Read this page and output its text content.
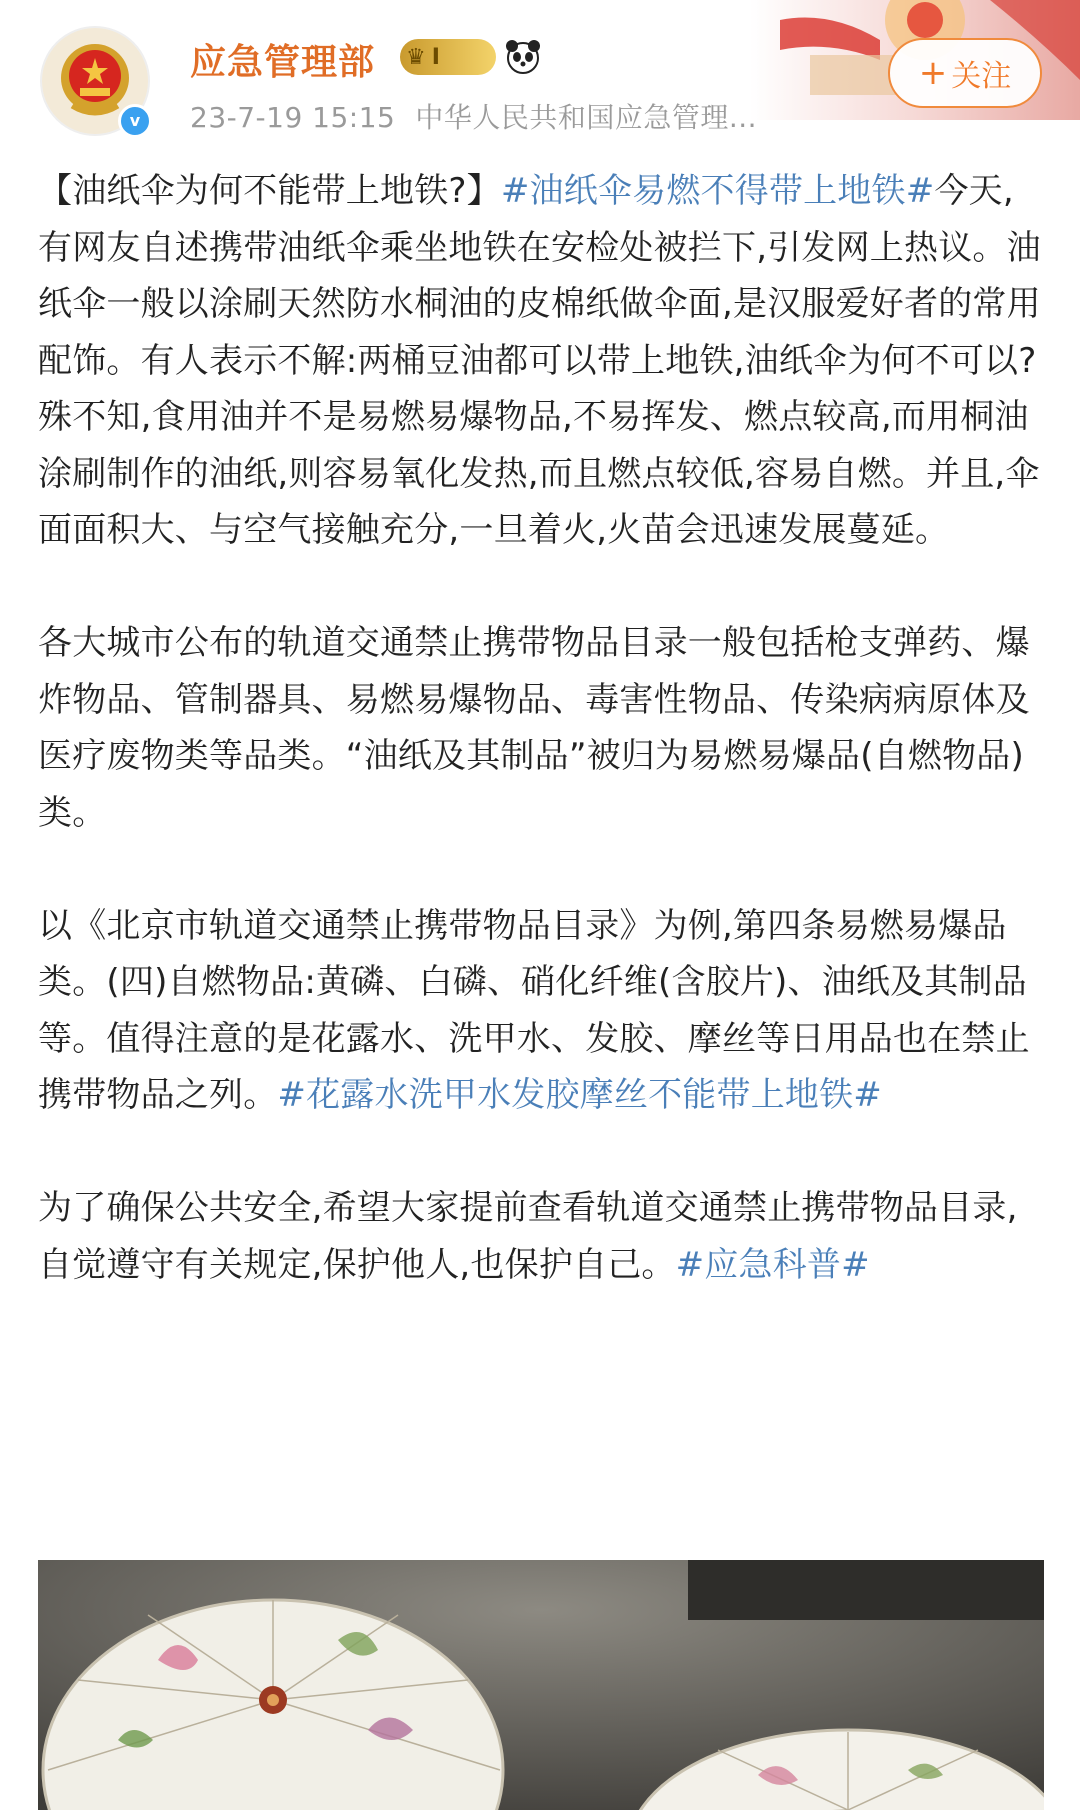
v
应急管理部 ♛ I
23-7-19 15:15 中华人民共和国应急管理...
+ 关注

【油纸伞为何不能带上地铁?】#油纸伞易燃不得带上地铁#今天,有网友自述携带油纸伞乘坐地铁在安检处被拦下,引发网上热议。油纸伞一般以涂刷天然防水桐油的皮棉纸做伞面,是汉服爱好者的常用配饰。有人表示不解:两桶豆油都可以带上地铁,油纸伞为何不可以?殊不知,食用油并不是易燃易爆物品,不易挥发、燃点较高,而用桐油涂刷制作的油纸,则容易氧化发热,而且燃点较低,容易自燃。并且,伞面面积大、与空气接触充分,一旦着火,火苗会迅速发展蔓延。

各大城市公布的轨道交通禁止携带物品目录一般包括枪支弹药、爆炸物品、管制器具、易燃易爆物品、毒害性物品、传染病病原体及医疗废物类等品类。“油纸及其制品”被归为易燃易爆品(自燃物品)类。

以《北京市轨道交通禁止携带物品目录》为例,第四条易燃易爆品类。(四)自燃物品:黄磷、白磷、硝化纤维(含胶片)、油纸及其制品等。值得注意的是花露水、洗甲水、发胶、摩丝等日用品也在禁止携带物品之列。#花露水洗甲水发胶摩丝不能带上地铁#

为了确保公共安全,希望大家提前查看轨道交通禁止携带物品目录,自觉遵守有关规定,保护他人,也保护自己。#应急科普#
